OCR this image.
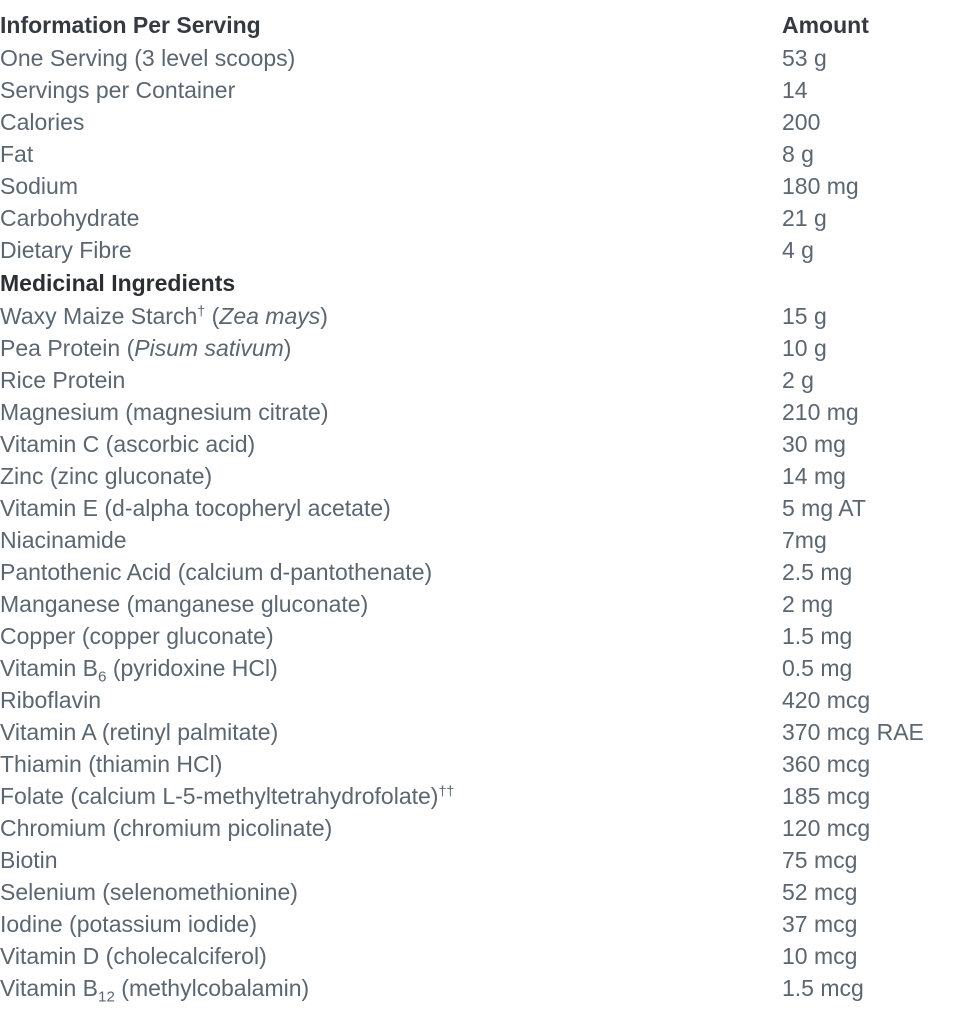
Information Per Serving	Amount
One Serving (3 level scoops)	53 g
Servings per Container	14
Calories	200
Fat	8 g
Sodium	180 mg
Carbohydrate	21 g
Dietary Fibre	4 g
Medicinal Ingredients	
Waxy Maize Starch† (Zea mays)	15 g
Pea Protein (Pisum sativum)	10 g
Rice Protein	2 g
Magnesium (magnesium citrate)	210 mg
Vitamin C (ascorbic acid)	30 mg
Zinc (zinc gluconate)	14 mg
Vitamin E (d-alpha tocopheryl acetate)	5 mg AT
Niacinamide	7mg
Pantothenic Acid (calcium d-pantothenate)	2.5 mg
Manganese (manganese gluconate)	2 mg
Copper (copper gluconate)	1.5 mg
Vitamin $B_6$ (pyridoxine HCl)	0.5 mg
Riboflavin	420 mcg
Vitamin A (retinyl palmitate)	370 mcg RAE
Thiamin (thiamin HCl)	360 mcg
Folate (calcium L-5-methyltetrahydrofolate)††	185 mcg
Chromium (chromium picolinate)	120 mcg
Biotin	75 mcg
Selenium (selenomethionine)	52 mcg
Iodine (potassium iodide)	37 mcg
Vitamin D (cholecalciferol)	10 mcg
Vitamin $B_{12}$ (methylcobalamin)	1.5 mcg
